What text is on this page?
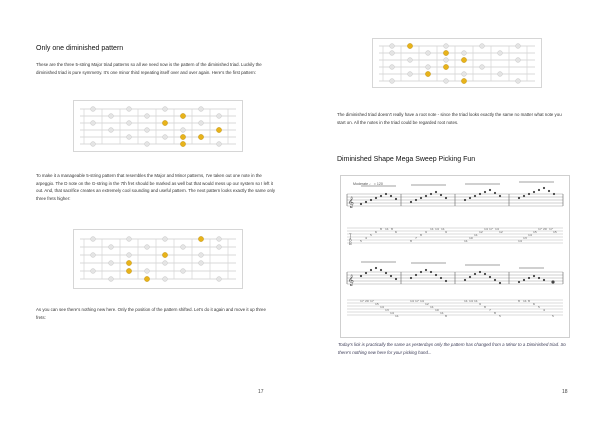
Only one diminished pattern
These are the three 5-string Major triad patterns so all we need now is the pattern of the diminished triad. Luckily the diminished triad is pure symmetry. It's one minor third repeating itself over and over again. Here's the first pattern:
To make it a manageable 5-string pattern that resembles the Major and Minor patterns, I've taken out one note in the arpeggio. The D note on the G-string in the 7th fret should be marked as well but that would mess up our system so I left it out. And, that sacrifice creates an extremely cool sounding and useful pattern. The next pattern looks exactly the same only three frets higher:
As you can see there's nothing new here. Only the position of the pattern shifted. Let's do it again and move it up three frets:
17
The diminished triad doesn't really have a root note - since the triad looks exactly the same no matter what note you start on. All the notes in the triad could be regarded root notes.
Diminished Shape Mega Sweep Picking Fun
Moderate ♩ = 120
𝄞
T
A
B	5
4
5
6
8 11 8
6
8
7
8
9
11 14 11
9
11
10
11
12
14 17 14
12
14
13
14
15
17 20 17
15
𝄞
17 20 17
15
14
13
14
11
14 17 14
12
11
10
11
8
11 14 11
9
8
7
8
5
8 11 8
6
5
4
5
Today's lick is practically the same as yesterdays only the pattern has changed from a Minor to a Diminished triad. So there's nothing new here for your picking hand...
18
